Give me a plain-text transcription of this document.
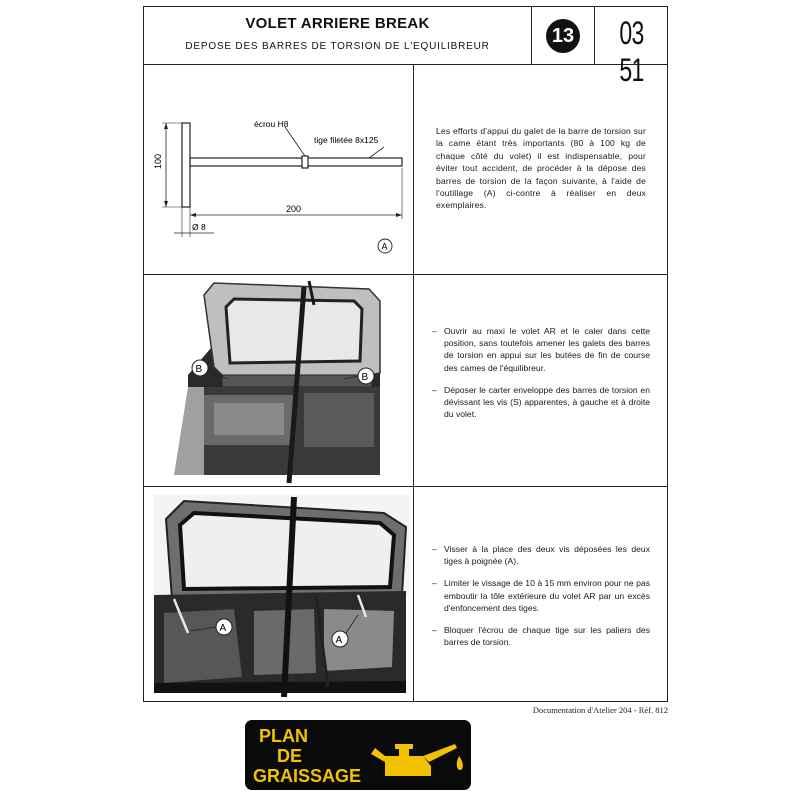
VOLET ARRIERE BREAK
DEPOSE DES BARRES DE TORSION DE L'EQUILIBREUR	13	03 51
écrou H8
tige filetée 8x125
100
200
Ø 8
A
Les efforts d'appui du galet de la barre de torsion sur la came étant très importants (80 à 100 kg de chaque côté du volet) il est indispensable, pour éviter tout accident, de procéder à la dépose des barres de torsion de la façon suivante, à l'aide de l'outillage (A) ci-contre à réaliser en deux exemplaires.
B
B
– Ouvrir au maxi le volet AR et le caler dans cette position, sans toutefois amener les galets des barres de torsion en appui sur les butées de fin de course des cames de l'équilibreur.
– Déposer le carter enveloppe des barres de torsion en dévissant les vis (S) apparentes, à gauche et à droite du volet.
A
A
– Visser à la place des deux vis déposées les deux tiges à poignée (A).
– Limiter le vissage de 10 à 15 mm environ pour ne pas emboutir la tôle extérieure du volet AR par un excès d'enfoncement des tiges.
– Bloquer l'écrou de chaque tige sur les paliers des barres de torsion.
Documentation d'Atelier 204 - Réf. 812
PLAN
DE
GRAISSAGE
